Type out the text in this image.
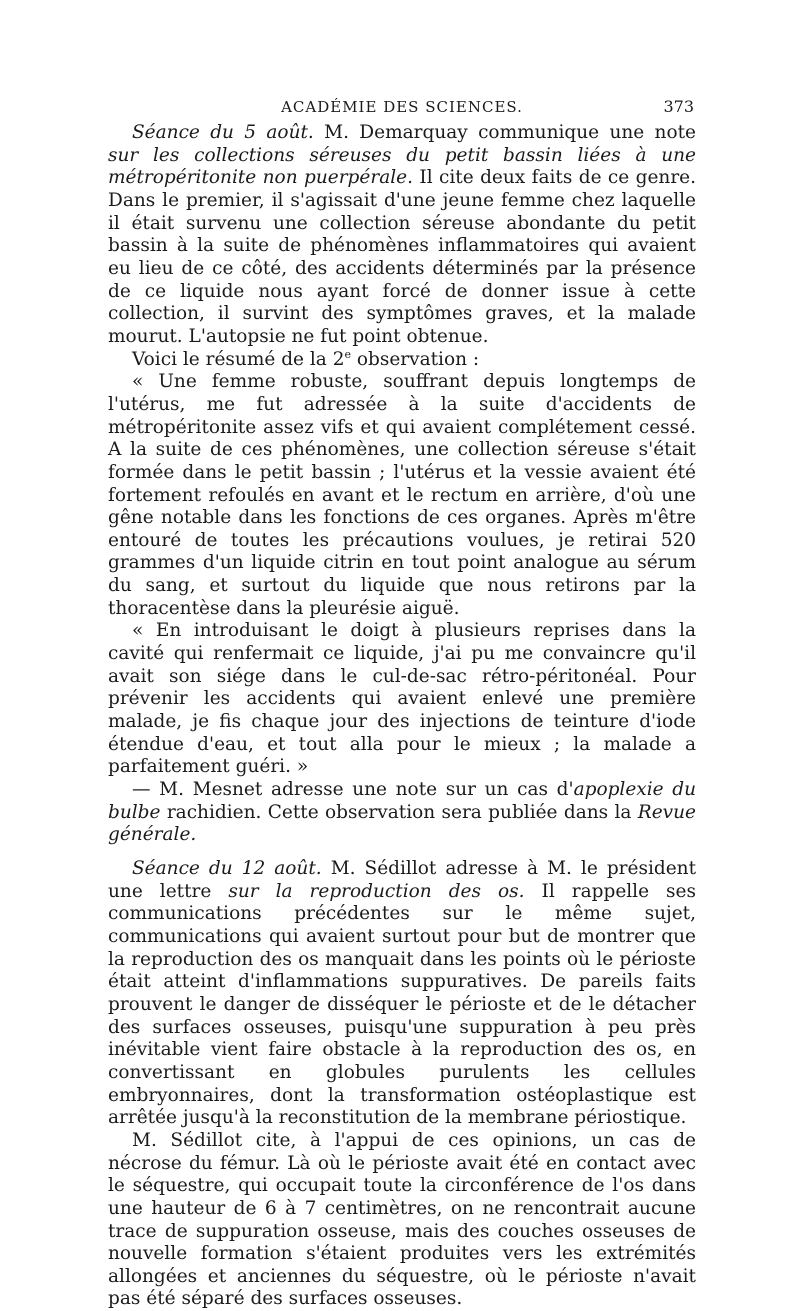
ACADÉMIE DES SCIENCES.	373

Séance du 5 août. M. Demarquay communique une note sur les collections séreuses du petit bassin liées à une métropéritonite non puerpérale. Il cite deux faits de ce genre. Dans le premier, il s'agissait d'une jeune femme chez laquelle il était survenu une collection séreuse abondante du petit bassin à la suite de phénomènes inflammatoires qui avaient eu lieu de ce côté, des accidents déterminés par la présence de ce liquide nous ayant forcé de donner issue à cette collection, il survint des symptômes graves, et la malade mourut. L'autopsie ne fut point obtenue.

Voici le résumé de la 2e observation :

« Une femme robuste, souffrant depuis longtemps de l'utérus, me fut adressée à la suite d'accidents de métropéritonite assez vifs et qui avaient complétement cessé. A la suite de ces phénomènes, une collection séreuse s'était formée dans le petit bassin ; l'utérus et la vessie avaient été fortement refoulés en avant et le rectum en arrière, d'où une gêne notable dans les fonctions de ces organes. Après m'être entouré de toutes les précautions voulues, je retirai 520 grammes d'un liquide citrin en tout point analogue au sérum du sang, et surtout du liquide que nous retirons par la thoracentèse dans la pleurésie aiguë.

« En introduisant le doigt à plusieurs reprises dans la cavité qui renfermait ce liquide, j'ai pu me convaincre qu'il avait son siége dans le cul-de-sac rétro-péritonéal. Pour prévenir les accidents qui avaient enlevé une première malade, je fis chaque jour des injections de teinture d'iode étendue d'eau, et tout alla pour le mieux ; la malade a parfaitement guéri. »

— M. Mesnet adresse une note sur un cas d'apoplexie du bulbe rachidien. Cette observation sera publiée dans la Revue générale.

Séance du 12 août. M. Sédillot adresse à M. le président une lettre sur la reproduction des os. Il rappelle ses communications précédentes sur le même sujet, communications qui avaient surtout pour but de montrer que la reproduction des os manquait dans les points où le périoste était atteint d'inflammations suppuratives. De pareils faits prouvent le danger de disséquer le périoste et de le détacher des surfaces osseuses, puisqu'une suppuration à peu près inévitable vient faire obstacle à la reproduction des os, en convertissant en globules purulents les cellules embryonnaires, dont la transformation ostéoplastique est arrêtée jusqu'à la reconstitution de la membrane périostique.

M. Sédillot cite, à l'appui de ces opinions, un cas de nécrose du fémur. Là où le périoste avait été en contact avec le séquestre, qui occupait toute la circonférence de l'os dans une hauteur de 6 à 7 centimètres, on ne rencontrait aucune trace de suppuration osseuse, mais des couches osseuses de nouvelle formation s'étaient produites vers les extrémités allongées et anciennes du séquestre, où le périoste n'avait pas été séparé des surfaces osseuses.
